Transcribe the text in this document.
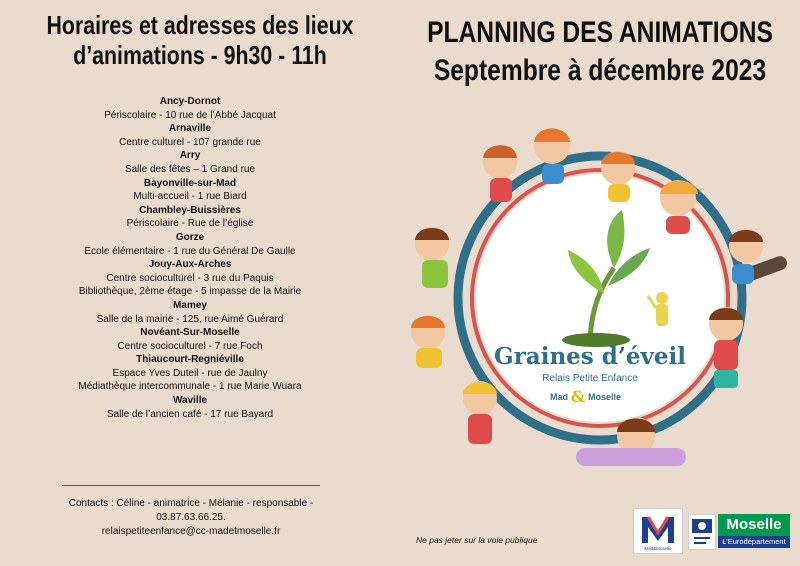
Horaires et adresses des lieux
d’animations - 9h30 - 11h
Ancy-Dornot
Périscolaire - 10 rue de l’Abbé Jacquat
Arnaville
Centre culturel - 107 grande rue
Arry
Salle des fêtes – 1 Grand rue
Bayonville-sur-Mad
Multi-accueil - 1 rue Biard
Chambley-Buissières
Périscolaire - Rue de l’église
Gorze
Ecole élémentaire - 1 rue du Général De Gaulle
Jouy-Aux-Arches
Centre socioculturel - 3 rue du Paquis
Bibliothèque, 2ème étage - 5 impasse de la Mairie
Mamey
Salle de la mairie - 125, rue Aimé Guérard
Novéant-Sur-Moselle
Centre socioculturel - 7 rue Foch
Thiaucourt-Regniéville
Espace Yves Duteil - rue de Jaulny
Médiathèque intercommunale - 1 rue Marie Wuara
Waville
Salle de l’ancien café - 17 rue Bayard
Contacts : Céline - animatrice - Mélanie - responsable -
03.87.63.66.25.
relaispetiteenfance@cc-madetmoselle.fr
PLANNING DES ANIMATIONS
Septembre à décembre 2023
Graines d’éveil
Relais Petite Enfance
Mad & Moselle
Ne pas jeter sur la voie publique
Mad&Moselle
Moselle
L’Eurodépartement
